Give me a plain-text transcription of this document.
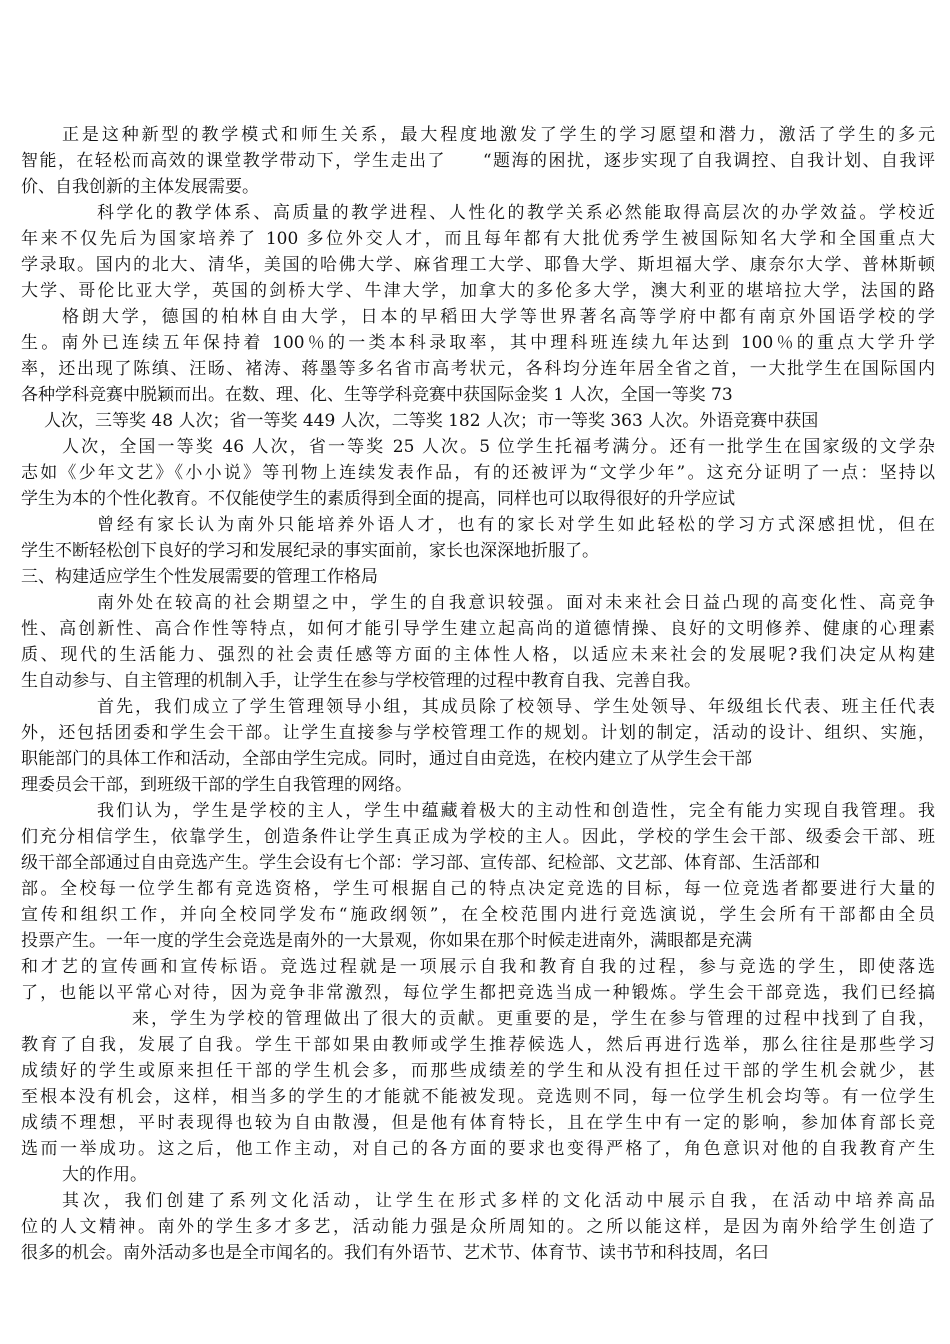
正是这种新型的教学模式和师生关系，最大程度地激发了学生的学习愿望和潜力，激活了学生的多元
智能，在轻松而高效的课堂教学带动下，学生走出了　　“题海的困扰，逐步实现了自我调控、自我计划、自我评
价、自我创新的主体发展需要。
科学化的教学体系、高质量的教学进程、人性化的教学关系必然能取得高层次的办学效益。学校近
年来不仅先后为国家培养了 100 多位外交人才，而且每年都有大批优秀学生被国际知名大学和全国重点大
学录取。国内的北大、清华，美国的哈佛大学、麻省理工大学、耶鲁大学、斯坦福大学、康奈尔大学、普林斯顿
大学、哥伦比亚大学，英国的剑桥大学、牛津大学，加拿大的多伦多大学，澳大利亚的堪培拉大学，法国的路
格朗大学，德国的柏林自由大学，日本的早稻田大学等世界著名高等学府中都有南京外国语学校的学
生。南外已连续五年保持着 100％的一类本科录取率，其中理科班连续九年达到 100％的重点大学升学
率，还出现了陈缜、汪旸、褚涛、蒋墨等多名省市高考状元，各科均分连年居全省之首，一大批学生在国际国内
各种学科竞赛中脱颖而出。在数、理、化、生等学科竞赛中获国际金奖 1 人次，全国一等奖 73
人次，三等奖 48 人次；省一等奖 449 人次，二等奖 182 人次；市一等奖 363 人次。外语竞赛中获国
人次，全国一等奖 46 人次，省一等奖 25 人次。5 位学生托福考满分。还有一批学生在国家级的文学杂
志如《少年文艺》《小小说》等刊物上连续发表作品，有的还被评为“文学少年”。这充分证明了一点：坚持以
学生为本的个性化教育。不仅能使学生的素质得到全面的提高，同样也可以取得很好的升学应试
曾经有家长认为南外只能培养外语人才，也有的家长对学生如此轻松的学习方式深感担忧，但在
学生不断轻松创下良好的学习和发展纪录的事实面前，家长也深深地折服了。
三、构建适应学生个性发展需要的管理工作格局
南外处在较高的社会期望之中，学生的自我意识较强。面对未来社会日益凸现的高变化性、高竞争
性、高创新性、高合作性等特点，如何才能引导学生建立起高尚的道德情操、良好的文明修养、健康的心理素
质、现代的生活能力、强烈的社会责任感等方面的主体性人格，以适应未来社会的发展呢?我们决定从构建
生自动参与、自主管理的机制入手，让学生在参与学校管理的过程中教育自我、完善自我。
首先，我们成立了学生管理领导小组，其成员除了校领导、学生处领导、年级组长代表、班主任代表
外，还包括团委和学生会干部。让学生直接参与学校管理工作的规划。计划的制定，活动的设计、组织、实施，
职能部门的具体工作和活动，全部由学生完成。同时，通过自由竞选，在校内建立了从学生会干部
理委员会干部，到班级干部的学生自我管理的网络。
我们认为，学生是学校的主人，学生中蕴藏着极大的主动性和创造性，完全有能力实现自我管理。我
们充分相信学生，依靠学生，创造条件让学生真正成为学校的主人。因此，学校的学生会干部、级委会干部、班
级干部全部通过自由竞选产生。学生会设有七个部：学习部、宣传部、纪检部、文艺部、体育部、生活部和
部。全校每一位学生都有竞选资格，学生可根据自己的特点决定竞选的目标，每一位竞选者都要进行大量的
宣传和组织工作，并向全校同学发布“施政纲领”，在全校范围内进行竞选演说，学生会所有干部都由全员
投票产生。一年一度的学生会竞选是南外的一大景观，你如果在那个时候走进南外，满眼都是充满
和才艺的宣传画和宣传标语。竞选过程就是一项展示自我和教育自我的过程，参与竞选的学生，即使落选
了，也能以平常心对待，因为竞争非常激烈，每位学生都把竞选当成一种锻炼。学生会干部竞选，我们已经搞
来，学生为学校的管理做出了很大的贡献。更重要的是，学生在参与管理的过程中找到了自我，
教育了自我，发展了自我。学生干部如果由教师或学生推荐候选人，然后再进行选举，那么往往是那些学习
成绩好的学生或原来担任干部的学生机会多，而那些成绩差的学生和从没有担任过干部的学生机会就少，甚
至根本没有机会，这样，相当多的学生的才能就不能被发现。竞选则不同，每一位学生机会均等。有一位学生
成绩不理想，平时表现得也较为自由散漫，但是他有体育特长，且在学生中有一定的影响，参加体育部长竞
选而一举成功。这之后，他工作主动，对自己的各方面的要求也变得严格了，角色意识对他的自我教育产生
大的作用。
其次，我们创建了系列文化活动，让学生在形式多样的文化活动中展示自我，在活动中培养高品
位的人文精神。南外的学生多才多艺，活动能力强是众所周知的。之所以能这样，是因为南外给学生创造了
很多的机会。南外活动多也是全市闻名的。我们有外语节、艺术节、体育节、读书节和科技周，名曰
